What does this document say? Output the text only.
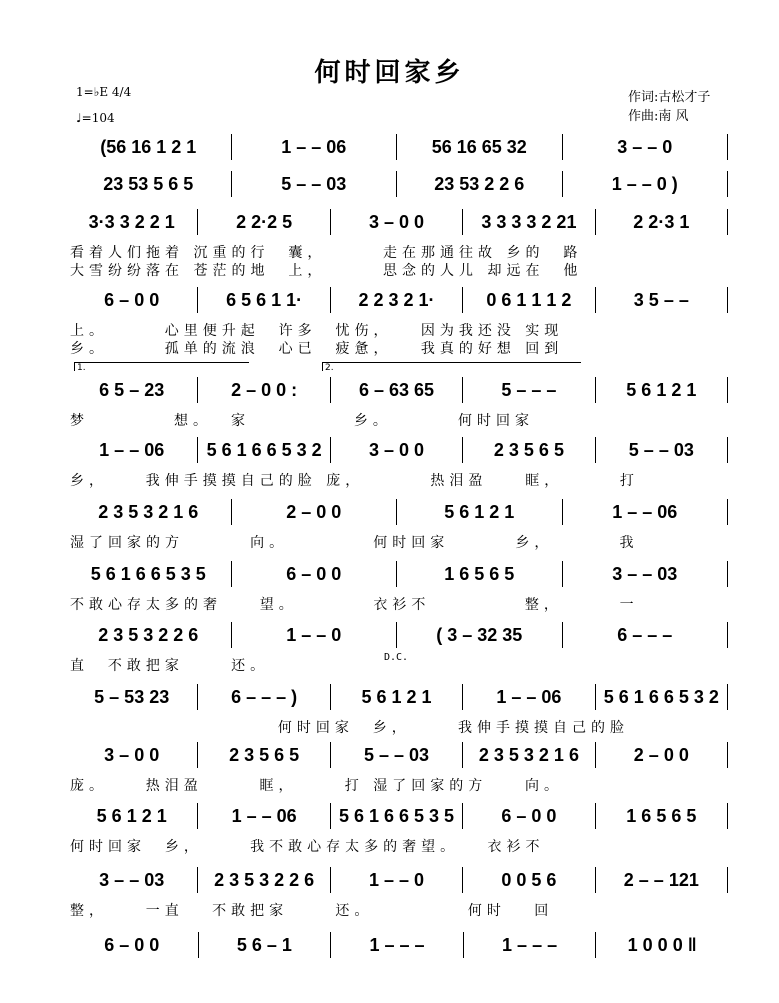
何时回家乡
1=♭E 4/4
♩=104
作词:古松才子
作曲:南 风
1.	2.
D.C.
(56 16 1 2 1	1 – – 06	56 16 65 32	3 – – 0
23 53 5 6 5	5 – – 03	23 53 2 2 6	1 – – 0 )
3·3 3 2 2 1	2 2·2 5	3 – 0 0	3 3 3 3 2 21	2 2·3 1
看着人们拖着 沉重的行  囊，      走在那通往故 乡的  路
大雪纷纷落在 苍茫的地  上，      思念的人儿 却远在  他
6 – 0 0	6 5 6 1 1·	2 2 3 2 1·	0 6 1 1 1 2	3 5 – –
上。      心里便升起  许多  忧伤，   因为我还没 实现
乡。      孤单的流浪  心已  疲惫，   我真的好想 回到
6 5 – 23	2 – 0 0 :	6 – 63 65	5 – – –	5 6 1 2 1
梦         想。  家           乡。       何时回家
1 – – 06	5 6 1 6 6 5 3 2	3 – 0 0	2 3 5 6 5	5 – – 03
乡，    我伸手摸摸自己的脸 庞，       热泪盈    眶，      打
2 3 5 3 2 1 6	2 – 0 0	5 6 1 2 1	1 – – 06
湿了回家的方       向。         何时回家       乡，       我
5 6 1 6 6 5 3 5	6 – 0 0	1 6 5 6 5	3 – – 03
不敢心存太多的奢    望。        衣衫不          整，      一
2 3 5 3 2 2 6	1 – – 0	( 3 – 32 35	6 – – –
直  不敢把家     还。
5 – 53 23	6 – – – )	5 6 1 2 1	1 – – 06	5 6 1 6 6 5 3 2
何时回家  乡，     我伸手摸摸自己的脸
3 – 0 0	2 3 5 6 5	5 – – 03	2 3 5 3 2 1 6	2 – 0 0
庞。    热泪盈      眶，     打 湿了回家的方    向。
5 6 1 2 1	1 – – 06	5 6 1 6 6 5 3 5	6 – 0 0	1 6 5 6 5
何时回家  乡，     我不敢心存太多的奢望。   衣衫不
3 – – 03	2 3 5 3 2 2 6	1 – – 0	0 0 5 6	2 – – 121
整，    一直   不敢把家     还。          何时   回
6 – 0 0	5 6 – 1	1 – – –	1 – – –	1 0 0 0 ‖
